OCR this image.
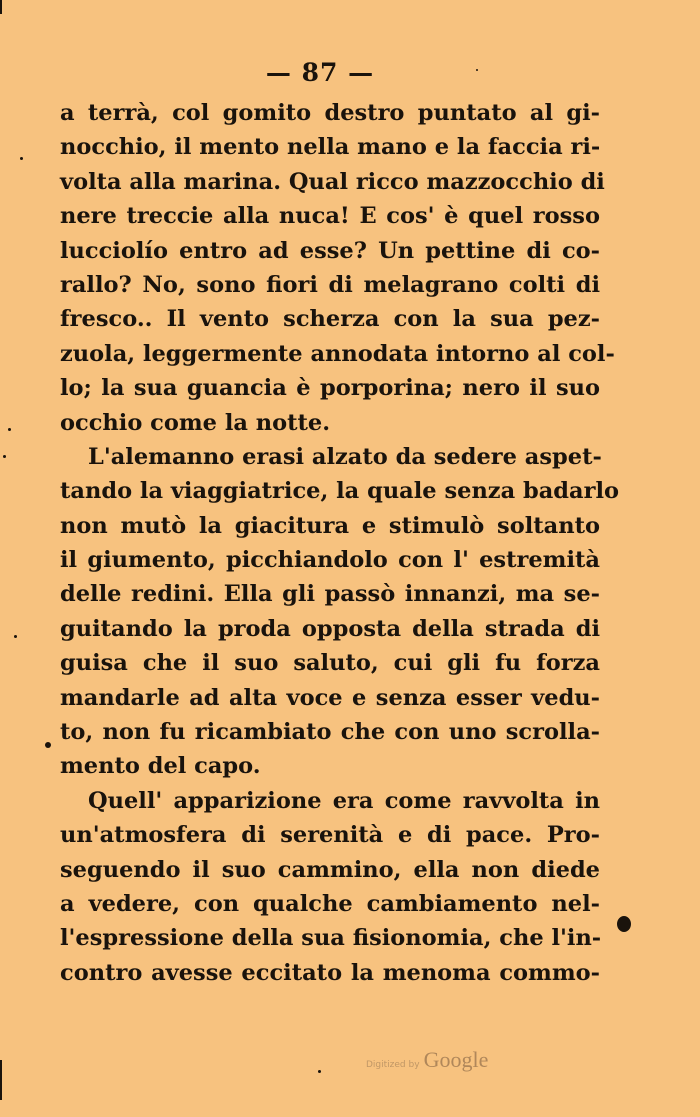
— 87 —
a terrà, col gomito destro puntato al gi-
nocchio, il mento nella mano e la faccia ri-
volta alla marina. Qual ricco mazzocchio di
nere treccie alla nuca! E cos' è quel rosso
lucciolío entro ad esse? Un pettine di co-
rallo? No, sono fiori di melagrano colti di
fresco.. Il vento scherza con la sua pez-
zuola, leggermente annodata intorno al col-
lo; la sua guancia è porporina; nero il suo
occhio come la notte.
L'alemanno erasi alzato da sedere aspet-
tando la viaggiatrice, la quale senza badarlo
non mutò la giacitura e stimulò soltanto
il giumento, picchiandolo con l' estremità
delle redini. Ella gli passò innanzi, ma se-
guitando la proda opposta della strada di
guisa che il suo saluto, cui gli fu forza
mandarle ad alta voce e senza esser vedu-
to, non fu ricambiato che con uno scrolla-
mento del capo.
Quell' apparizione era come ravvolta in
un'atmosfera di serenità e di pace. Pro-
seguendo il suo cammino, ella non diede
a vedere, con qualche cambiamento nel-
l'espressione della sua fisionomia, che l'in-
contro avesse eccitato la menoma commo-
Digitized by Google
